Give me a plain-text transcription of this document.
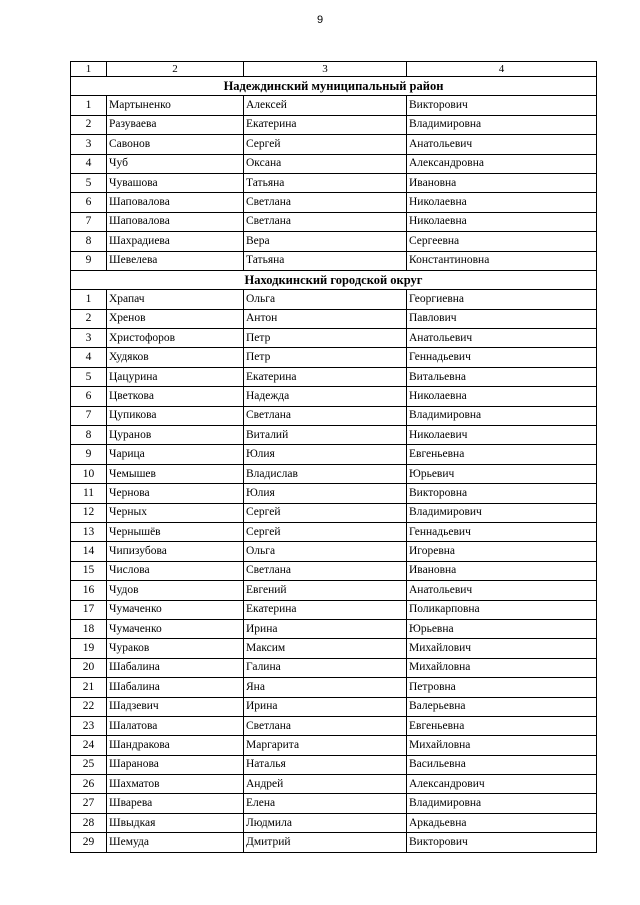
9
1	2	3	4
Надеждинский муниципальный район			
1	Мартыненко	Алексей	Викторович
2	Разуваева	Екатерина	Владимировна
3	Савонов	Сергей	Анатольевич
4	Чуб	Оксана	Александровна
5	Чувашова	Татьяна	Ивановна
6	Шаповалова	Светлана	Николаевна
7	Шаповалова	Светлана	Николаевна
8	Шахрадиева	Вера	Сергеевна
9	Шевелева	Татьяна	Константиновна
Находкинский городской округ			
1	Храпач	Ольга	Георгиевна
2	Хренов	Антон	Павлович
3	Христофоров	Петр	Анатольевич
4	Худяков	Петр	Геннадьевич
5	Цацурина	Екатерина	Витальевна
6	Цветкова	Надежда	Николаевна
7	Цупикова	Светлана	Владимировна
8	Цуранов	Виталий	Николаевич
9	Чарица	Юлия	Евгеньевна
10	Чемышев	Владислав	Юрьевич
11	Чернова	Юлия	Викторовна
12	Черных	Сергей	Владимирович
13	Чернышёв	Сергей	Геннадьевич
14	Чипизубова	Ольга	Игоревна
15	Числова	Светлана	Ивановна
16	Чудов	Евгений	Анатольевич
17	Чумаченко	Екатерина	Поликарповна
18	Чумаченко	Ирина	Юрьевна
19	Чураков	Максим	Михайлович
20	Шабалина	Галина	Михайловна
21	Шабалина	Яна	Петровна
22	Шадзевич	Ирина	Валерьевна
23	Шалатова	Светлана	Евгеньевна
24	Шандракова	Маргарита	Михайловна
25	Шаранова	Наталья	Васильевна
26	Шахматов	Андрей	Александрович
27	Шварева	Елена	Владимировна
28	Швыдкая	Людмила	Аркадьевна
29	Шемуда	Дмитрий	Викторович
